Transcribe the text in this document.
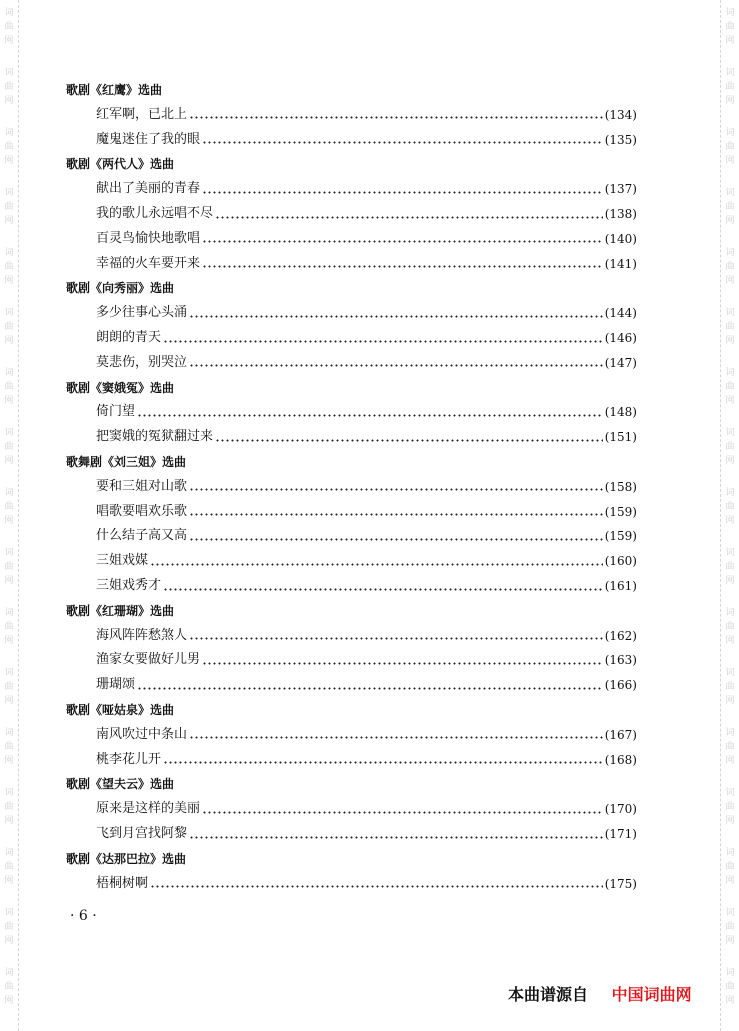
词
曲
网
词
曲
网
词
曲
网
词
曲
网
词
曲
网
词
曲
网
词
曲
网
词
曲
网
词
曲
网
词
曲
网
词
曲
网
词
曲
网
词
曲
网
词
曲
网
词
曲
网
词
曲
网
词
曲
网
词
曲
网
词
曲
网
词
曲
网
词
曲
网
词
曲
网
词
曲
网
词
曲
网
词
曲
网
词
曲
网
词
曲
网
词
曲
网
词
曲
网
词
曲
网
词
曲
网
词
曲
网
词
曲
网
词
曲
网
歌剧《红鹰》选曲
红军啊，已北上	(134)
魔鬼迷住了我的眼	(135)
歌剧《两代人》选曲
献出了美丽的青春	(137)
我的歌儿永远唱不尽	(138)
百灵鸟愉快地歌唱	(140)
幸福的火车要开来	(141)
歌剧《向秀丽》选曲
多少往事心头涌	(144)
朗朗的青天	(146)
莫悲伤，别哭泣	(147)
歌剧《窦娥冤》选曲
倚门望	(148)
把窦娥的冤狱翻过来	(151)
歌舞剧《刘三姐》选曲
要和三姐对山歌	(158)
唱歌要唱欢乐歌	(159)
什么结子高又高	(159)
三姐戏媒	(160)
三姐戏秀才	(161)
歌剧《红珊瑚》选曲
海风阵阵愁煞人	(162)
渔家女要做好儿男	(163)
珊瑚颂	(166)
歌剧《哑姑泉》选曲
南风吹过中条山	(167)
桃李花儿开	(168)
歌剧《望夫云》选曲
原来是这样的美丽	(170)
飞到月宫找阿黎	(171)
歌剧《达那巴拉》选曲
梧桐树啊	(175)
· 6 ·
本曲谱源自 中国词曲网
